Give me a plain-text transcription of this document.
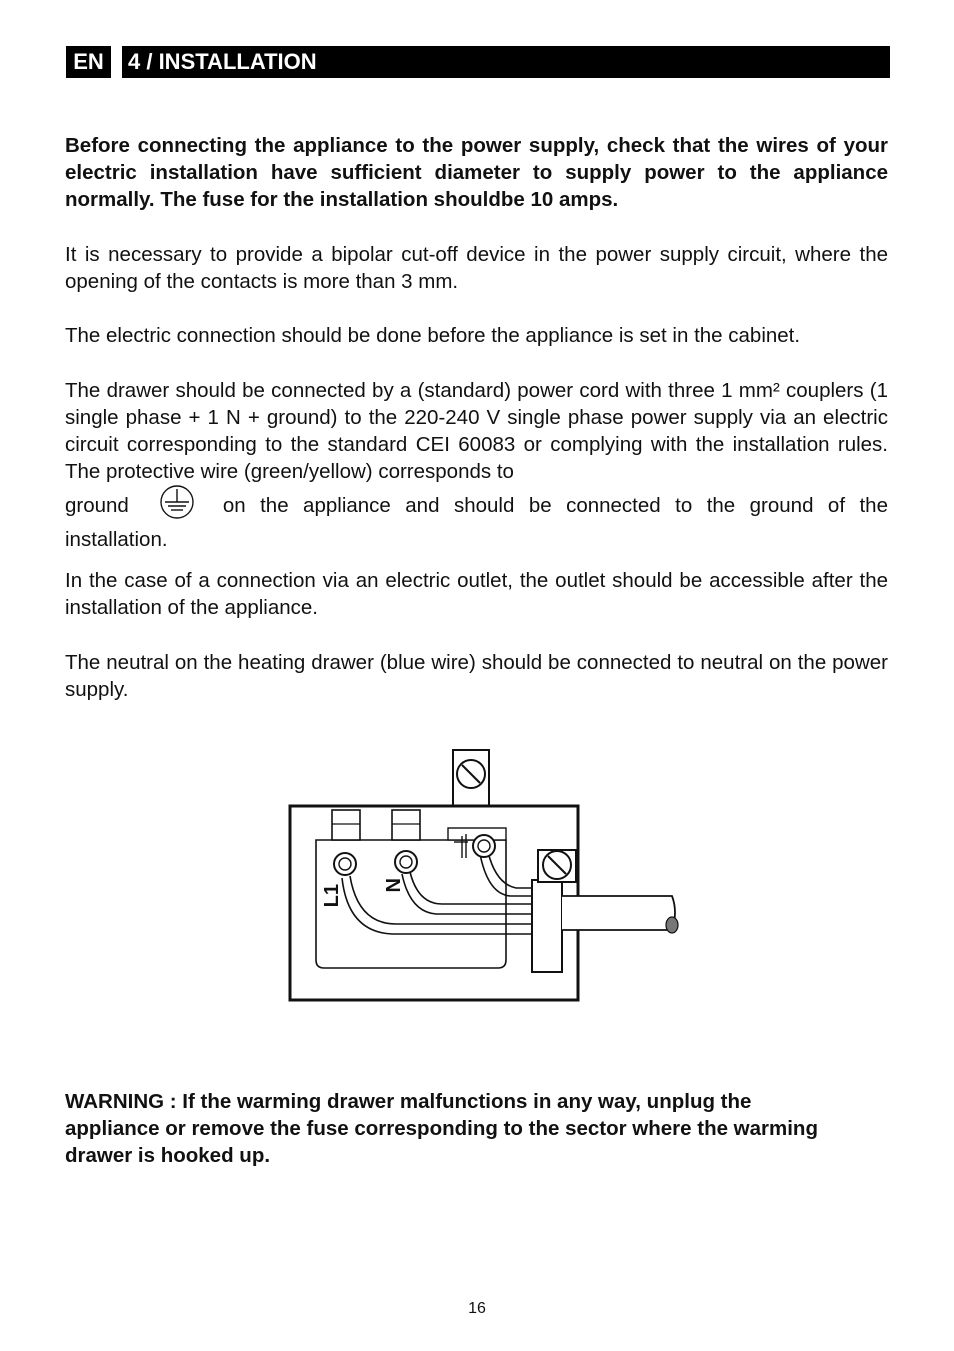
EN	4 / INSTALLATION

Before connecting the appliance to the power supply, check that the wires of your electric installation have sufficient diameter to supply power to the appliance normally. The fuse for the installation shouldbe 10 amps.

It is necessary to provide a bipolar cut-off device in the power supply circuit, where the opening of the contacts is more than 3 mm.

The electric connection should be done before the appliance is set in the cabinet.

The drawer should be connected by a (standard) power cord with three 1 mm² couplers (1 single phase + 1 N + ground) to the 220-240 V single phase power supply via an electric circuit corresponding to the standard CEI 60083 or complying with the installation rules. The protective wire (green/yellow) corresponds to
ground	on the appliance and should be connected to the ground of the
installation.

In the case of a connection via an electric outlet, the outlet should be accessible after the installation of the appliance.

The neutral on the heating drawer (blue wire) should be connected to neutral on the power supply.

L1 N

WARNING : If the warming drawer malfunctions in any way, unplug the appliance or remove the fuse corresponding to the sector where the warming drawer is hooked up.

16
